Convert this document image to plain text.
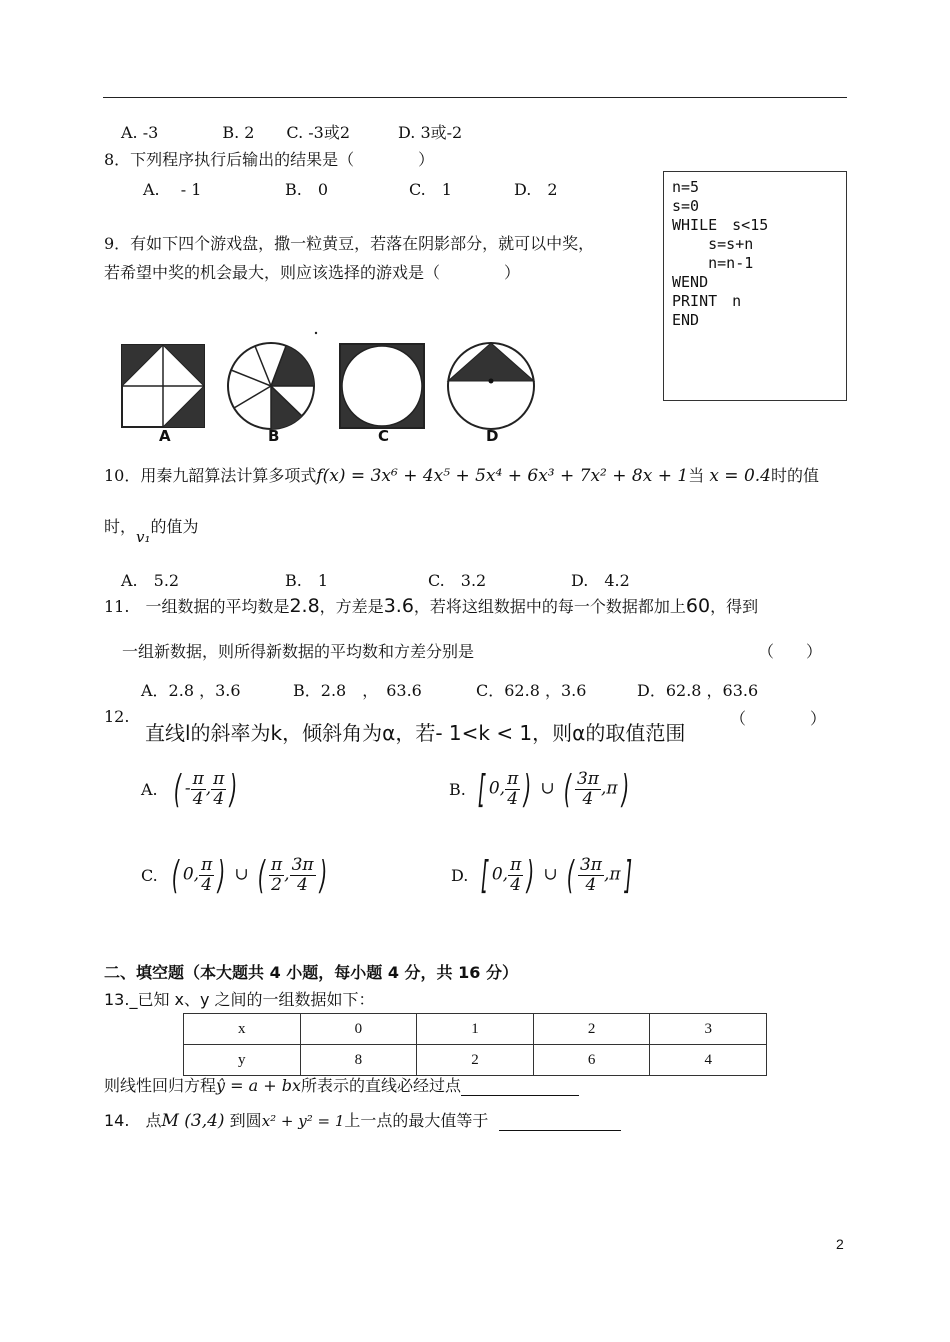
A. -3　　　　B. 2　　C. -3或2　　　D. 3或-2
8．下列程序执行后输出的结果是（　　　　）
A.　 - 1	B.　0	C.　1	D.　2	n=5
s=0
WHILE　s<15
s=s+n
n=n-1
WEND
PRINT　n
END
9．有如下四个游戏盘，撒一粒黄豆，若落在阴影部分，就可以中奖，
若希望中奖的机会最大，则应该选择的游戏是（　　　　）
A	B	C	D
10．用秦九韶算法计算多项式f(x) = 3x⁶ + 4x⁵ + 5x⁴ + 6x³ + 7x² + 8x + 1当 x = 0.4时的值
时，v₁的值为
A.　5.2	B.　1	C.　3.2	D.　4.2
11.　一组数据的平均数是2.8，方差是3.6，若将这组数据中的每一个数据都加上60，得到
一组新数据，则所得新数据的平均数和方差分别是	（　　）
A．2.8 ，3.6	B．2.8　，　63.6	C．62.8 ，3.6	D．62.8 ，63.6
12.
直线l的斜率为k，倾斜角为α，若- 1<k < 1，则α的取值范围
（　　　　）
A. ( - $\frac{\pi}{4}$ , $\frac{\pi}{4}$ )	B. [ 0, $\frac{\pi}{4}$ ) ∪ ( $\frac{3\pi}{4} ,\pi$)
C. ( 0, $\frac{\pi}{4}$ ) ∪ ( $\frac{\pi}{2}$ , $\frac{3\pi}{4}$ )	D. [ 0, $\frac{\pi}{4}$ ) ∪ ( $\frac{3\pi}{4} ,\pi$]
二、填空题（本大题共 4 小题，每小题 4 分，共 16 分）
13._已知 x、y 之间的一组数据如下：
x	0	1	2	3
y	8	2	6	4
则线性回归方程ŷ = a + bx所表示的直线必经过点
14.　点M (3,4) 到圆x² + y² = 1上一点的最大值等于
2
